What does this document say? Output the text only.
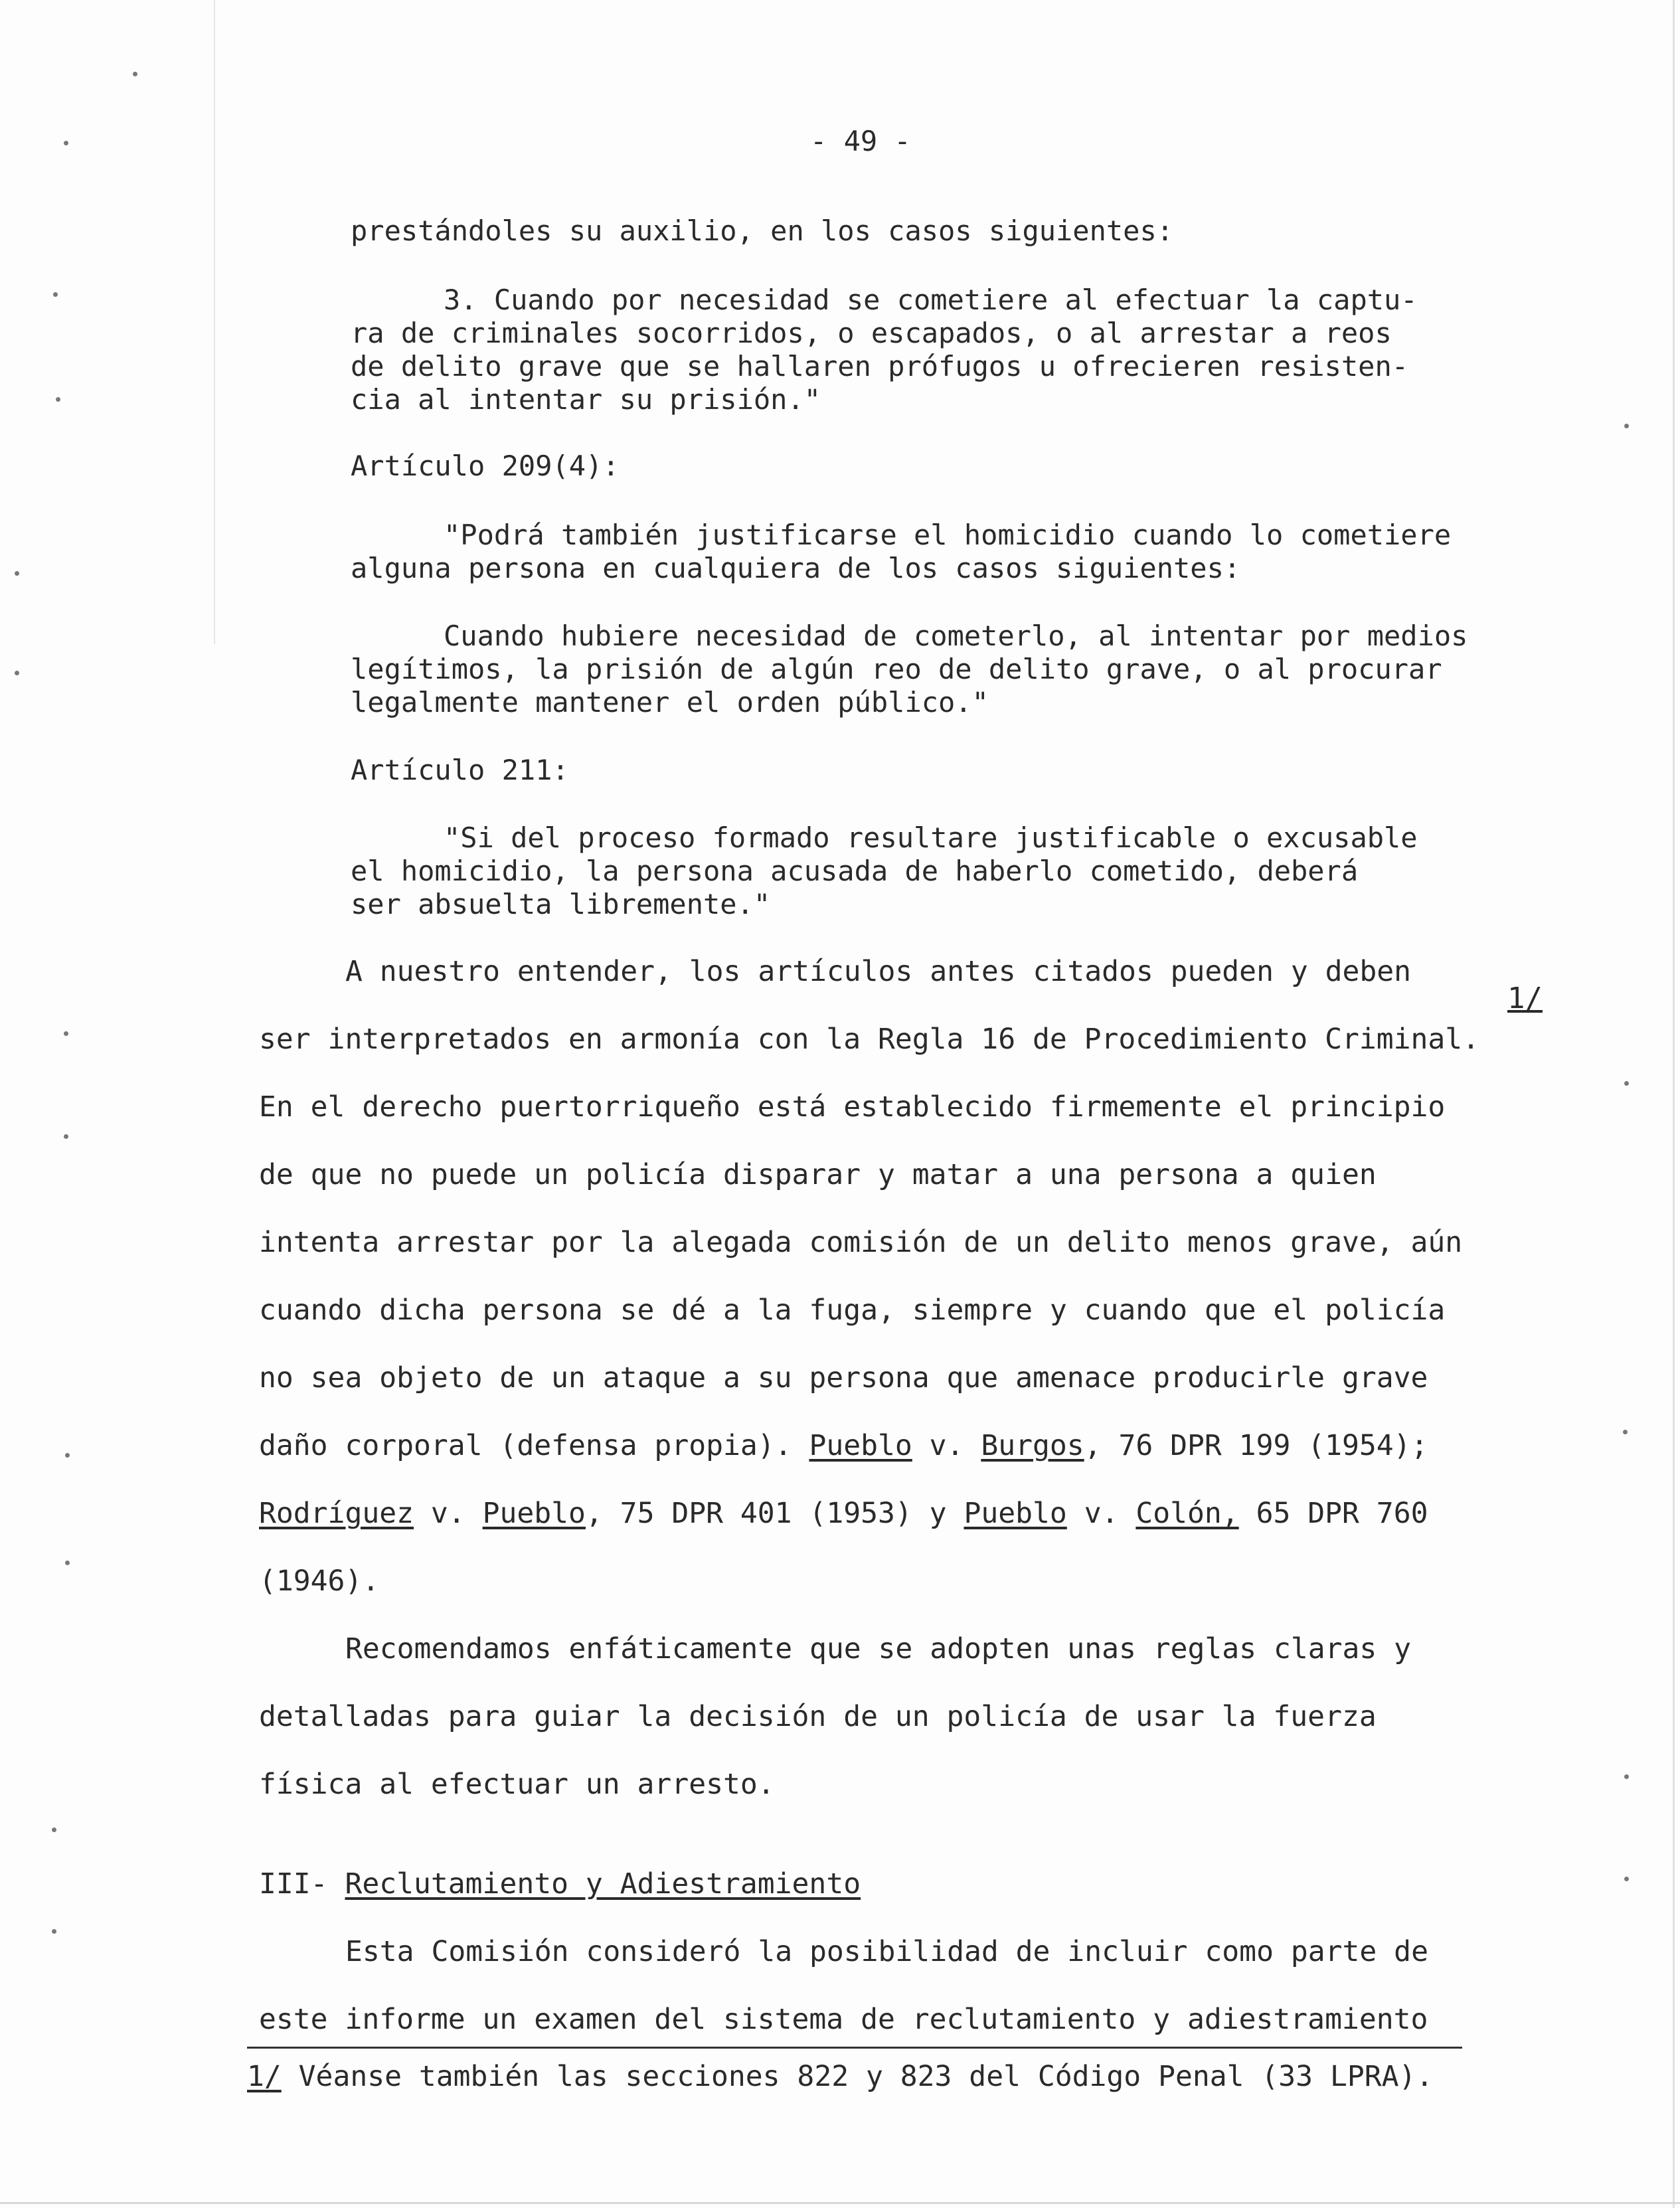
- 49 -
prestándoles su auxilio, en los casos siguientes:
3. Cuando por necesidad se cometiere al efectuar la captu-
ra de criminales socorridos, o escapados, o al arrestar a reos
de delito grave que se hallaren prófugos u ofrecieren resisten-
cia al intentar su prisión."
Artículo 209(4):
"Podrá también justificarse el homicidio cuando lo cometiere
alguna persona en cualquiera de los casos siguientes:
Cuando hubiere necesidad de cometerlo, al intentar por medios
legítimos, la prisión de algún reo de delito grave, o al procurar
legalmente mantener el orden público."
Artículo 211:
"Si del proceso formado resultare justificable o excusable
el homicidio, la persona acusada de haberlo cometido, deberá
ser absuelta libremente."
A nuestro entender, los artículos antes citados pueden y deben
1/
ser interpretados en armonía con la Regla 16 de Procedimiento Criminal.
En el derecho puertorriqueño está establecido firmemente el principio
de que no puede un policía disparar y matar a una persona a quien
intenta arrestar por la alegada comisión de un delito menos grave, aún
cuando dicha persona se dé a la fuga, siempre y cuando que el policía
no sea objeto de un ataque a su persona que amenace producirle grave
daño corporal (defensa propia). Pueblo v. Burgos, 76 DPR 199 (1954);
Rodríguez v. Pueblo, 75 DPR 401 (1953) y Pueblo v. Colón, 65 DPR 760
(1946).
Recomendamos enfáticamente que se adopten unas reglas claras y
detalladas para guiar la decisión de un policía de usar la fuerza
física al efectuar un arresto.
III- Reclutamiento y Adiestramiento
Esta Comisión consideró la posibilidad de incluir como parte de
este informe un examen del sistema de reclutamiento y adiestramiento
1/ Véanse también las secciones 822 y 823 del Código Penal (33 LPRA).
